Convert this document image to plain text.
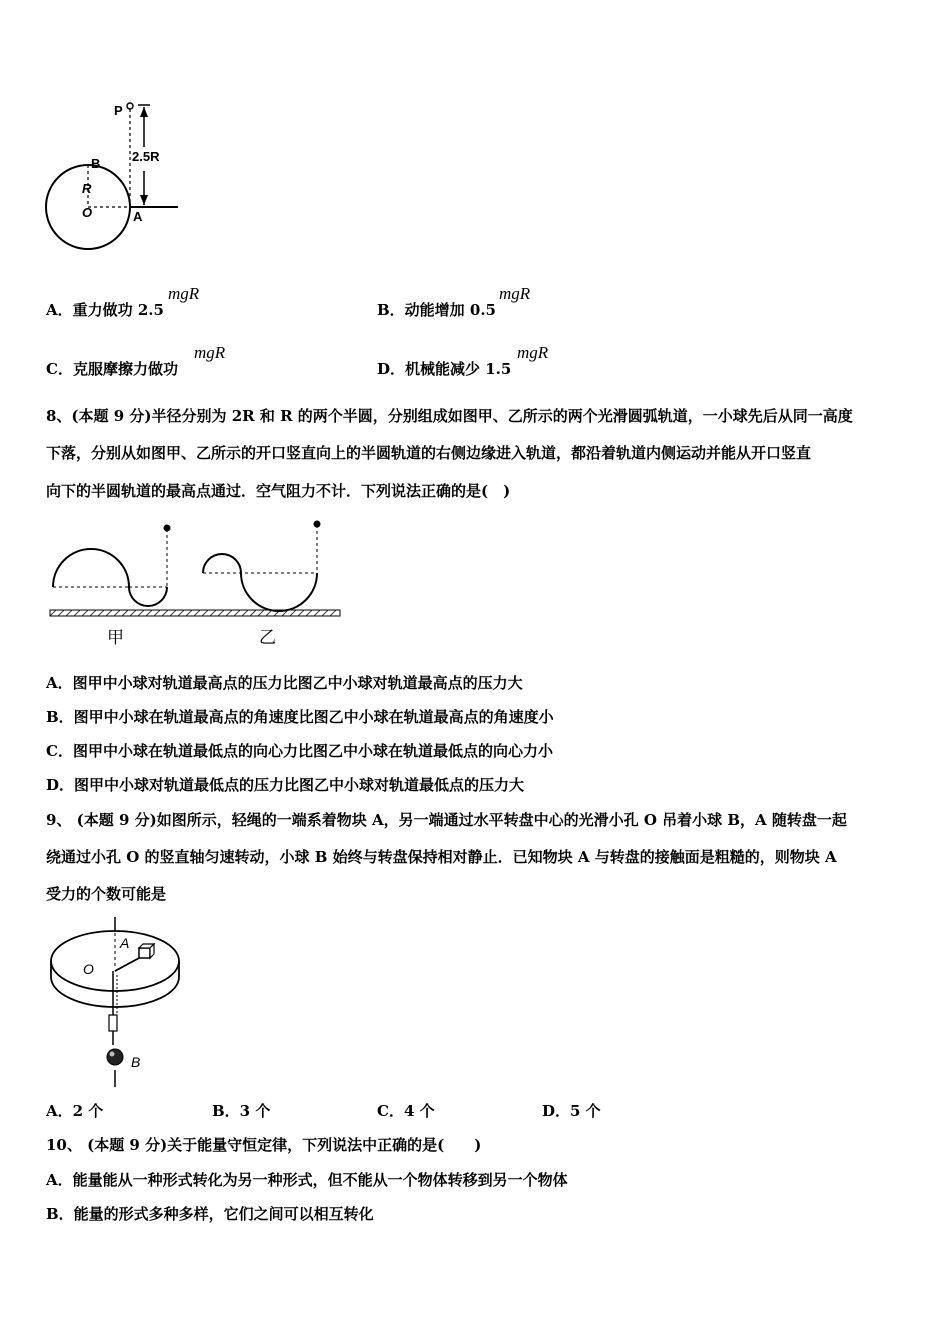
P
B
R
O	A
2.5R
A．重力做功 2.5
mgR
B．动能增加 0.5
mgR
C．克服摩擦力做功
mgR
D．机械能减少 1.5
mgR
8、(本题 9 分)半径分别为 2R 和 R 的两个半圆，分别组成如图甲、乙所示的两个光滑圆弧轨道，一小球先后从同一高度
下落，分别从如图甲、乙所示的开口竖直向上的半圆轨道的右侧边缘进入轨道，都沿着轨道内侧运动并能从开口竖直
向下的半圆轨道的最高点通过．空气阻力不计．下列说法正确的是(　)
甲	乙
A．图甲中小球对轨道最高点的压力比图乙中小球对轨道最高点的压力大
B．图甲中小球在轨道最高点的角速度比图乙中小球在轨道最高点的角速度小
C．图甲中小球在轨道最低点的向心力比图乙中小球在轨道最低点的向心力小
D．图甲中小球对轨道最低点的压力比图乙中小球对轨道最低点的压力大
9、 (本题 9 分)如图所示，轻绳的一端系着物块 A，另一端通过水平转盘中心的光滑小孔 O 吊着小球 B，A 随转盘一起
绕通过小孔 O 的竖直轴匀速转动，小球 B 始终与转盘保持相对静止．已知物块 A 与转盘的接触面是粗糙的，则物块 A
受力的个数可能是
A
O
B
A．2 个	B．3 个	C．4 个	D．5 个
10、 (本题 9 分)关于能量守恒定律，下列说法中正确的是(　　)
A．能量能从一种形式转化为另一种形式，但不能从一个物体转移到另一个物体
B．能量的形式多种多样，它们之间可以相互转化
